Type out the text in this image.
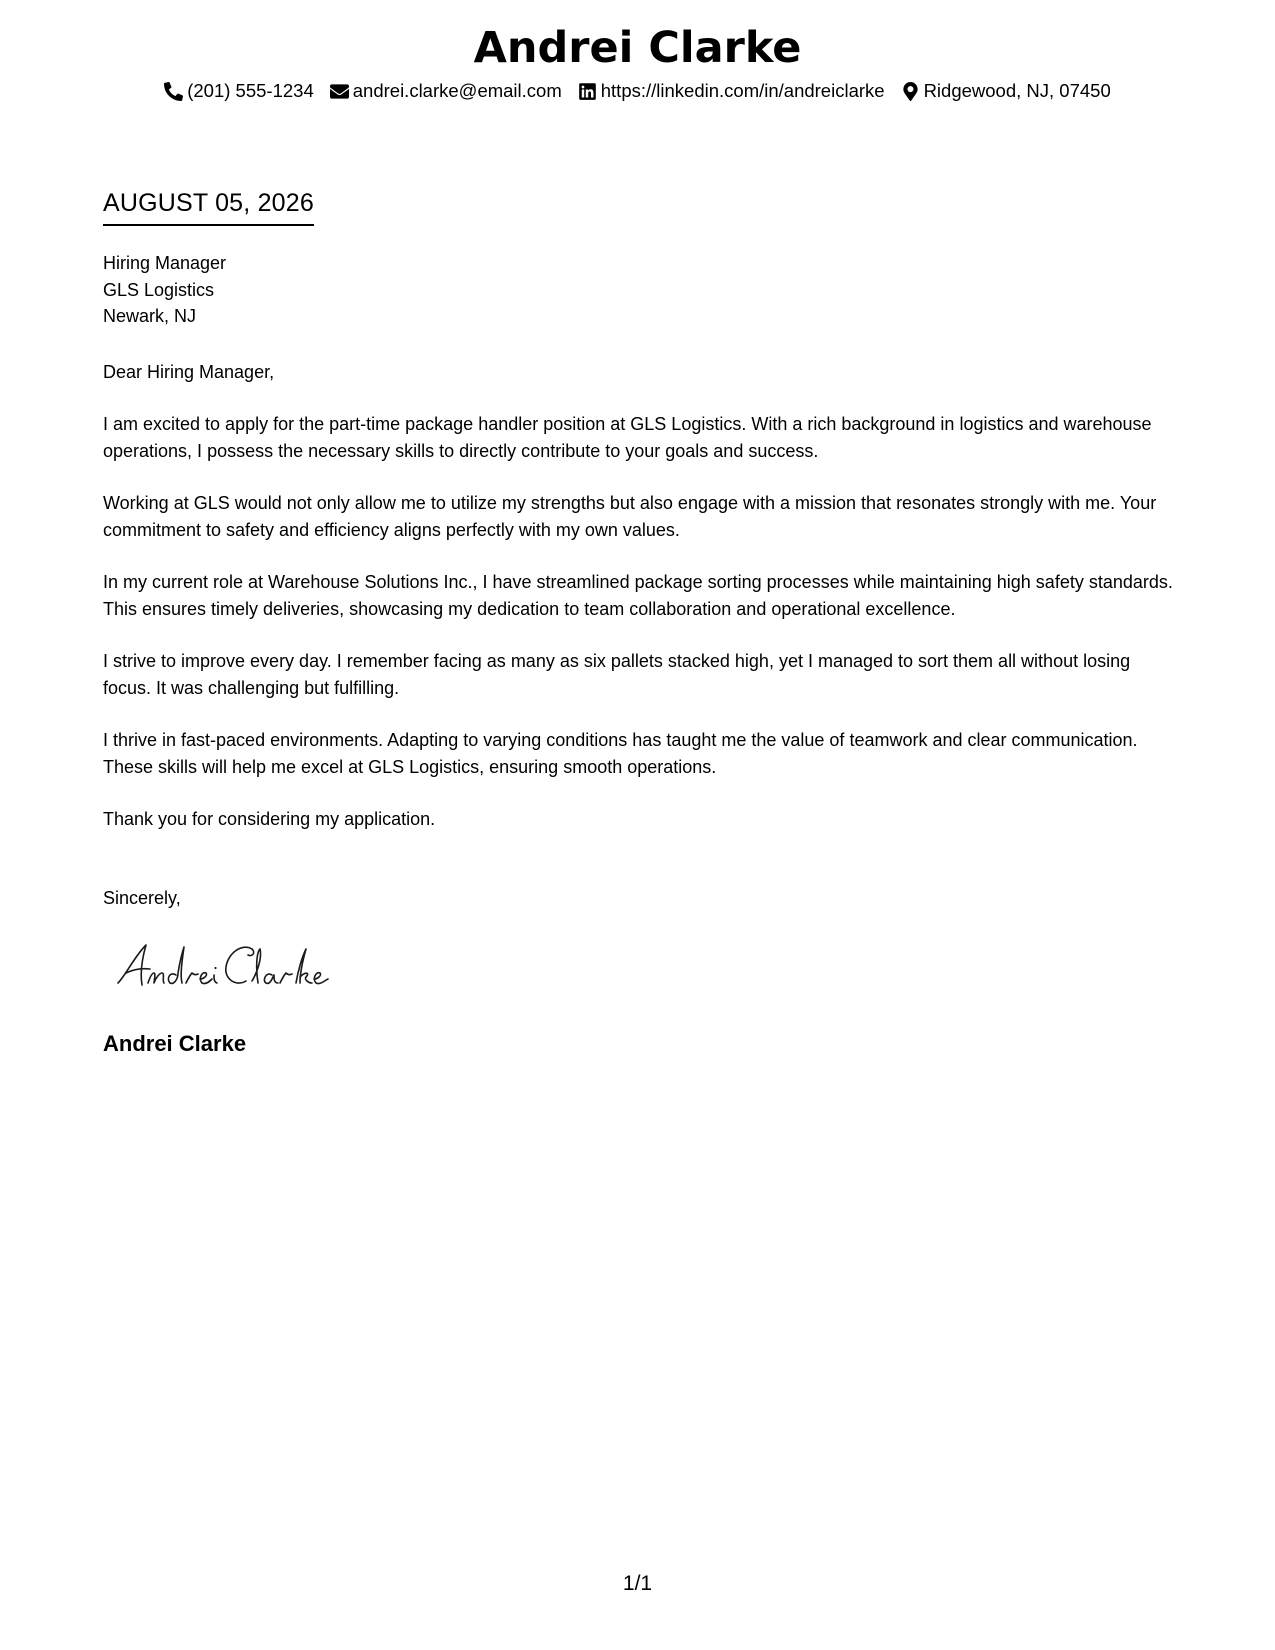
Andrei Clarke
(201) 555-1234 andrei.clarke@email.com https://linkedin.com/in/andreiclarke Ridgewood, NJ, 07450
AUGUST 05, 2026
Hiring Manager
GLS Logistics
Newark, NJ

Dear Hiring Manager,

I am excited to apply for the part-time package handler position at GLS Logistics. With a rich background in logistics and warehouse operations, I possess the necessary skills to directly contribute to your goals and success.

Working at GLS would not only allow me to utilize my strengths but also engage with a mission that resonates strongly with me. Your commitment to safety and efficiency aligns perfectly with my own values.

In my current role at Warehouse Solutions Inc., I have streamlined package sorting processes while maintaining high safety standards. This ensures timely deliveries, showcasing my dedication to team collaboration and operational excellence.

I strive to improve every day. I remember facing as many as six pallets stacked high, yet I managed to sort them all without losing focus. It was challenging but fulfilling.

I thrive in fast-paced environments. Adapting to varying conditions has taught me the value of teamwork and clear communication. These skills will help me excel at GLS Logistics, ensuring smooth operations.

Thank you for considering my application.

Sincerely,

Andrei Clarke
1/1
